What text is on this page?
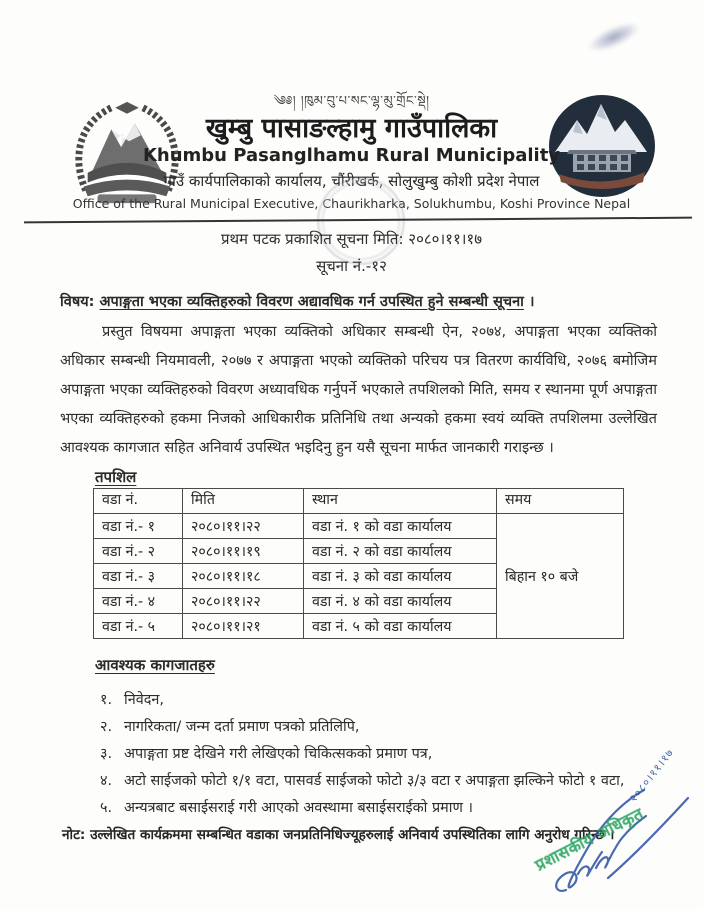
༄༅། །ཁུམ་བུ་པ་སང་ལྷ་མུ་གྲོང་སྡེ།
खुम्बु पासाङल्हामु गाउँपालिका
Khumbu Pasanglhamu Rural Municipality
गाउँ कार्यपालिकाको कार्यालय, चौंरीखर्क, सोलुखुम्बु कोशी प्रदेश नेपाल
Office of the Rural Municipal Executive, Chaurikharka, Solukhumbu, Koshi Province Nepal
प्रथम पटक प्रकाशित सूचना मिति: २०८०।११।१७
सूचना नं.-१२
विषय: अपाङ्गता भएका व्यक्तिहरुको विवरण अद्यावधिक गर्न उपस्थित हुने सम्बन्धी सूचना ।
प्रस्तुत विषयमा अपाङ्गता भएका व्यक्तिको अधिकार सम्बन्धी ऐन, २०७४, अपाङ्गता भएका व्यक्तिको अधिकार सम्बन्धी नियमावली, २०७७ र अपाङ्गता भएको व्यक्तिको परिचय पत्र वितरण कार्यविधि, २०७६ बमोजिम अपाङ्गता भएका व्यक्तिहरुको विवरण अध्यावधिक गर्नुपर्ने भएकाले तपशिलको मिति, समय र स्थानमा पूर्ण अपाङ्गता भएका व्यक्तिहरुको हकमा निजको आधिकारीक प्रतिनिधि तथा अन्यको हकमा स्वयं व्यक्ति तपशिलमा उल्लेखित आवश्यक कागजात सहित अनिवार्य उपस्थित भइदिनु हुन यसै सूचना मार्फत जानकारी गराइन्छ ।
तपशिल
वडा नं.	मिति	स्थान	समय
वडा नं.- १	२०८०।११।२२	वडा नं. १ को वडा कार्यालय	बिहान १० बजे
वडा नं.- २	२०८०।११।१९	वडा नं. २ को वडा कार्यालय	
वडा नं.- ३	२०८०।११।१८	वडा नं. ३ को वडा कार्यालय	
वडा नं.- ४	२०८०।११।२२	वडा नं. ४ को वडा कार्यालय	
वडा नं.- ५	२०८०।११।२१	वडा नं. ५ को वडा कार्यालय	
आवश्यक कागजातहरु
१. निवेदन,
२. नागरिकता/ जन्म दर्ता प्रमाण पत्रको प्रतिलिपि,
३. अपाङ्गता प्रष्ट देखिने गरी लेखिएको चिकित्सकको प्रमाण पत्र,
४. अटो साईजको फोटो १/१ वटा, पासवर्ड साईजको फोटो ३/३ वटा र अपाङ्गता झल्किने फोटो १ वटा,
५. अन्यत्रबाट बसाईसराई गरी आएको अवस्थामा बसाईसराईको प्रमाण ।
नोट: उल्लेखित कार्यक्रममा सम्बन्धित वडाका जनप्रतिनिधिज्यूहरुलाई अनिवार्य उपस्थितिका लागि अनुरोध गरिन्छ ।
२०८०।११।१७
प्रशासकीय अधिकृत
